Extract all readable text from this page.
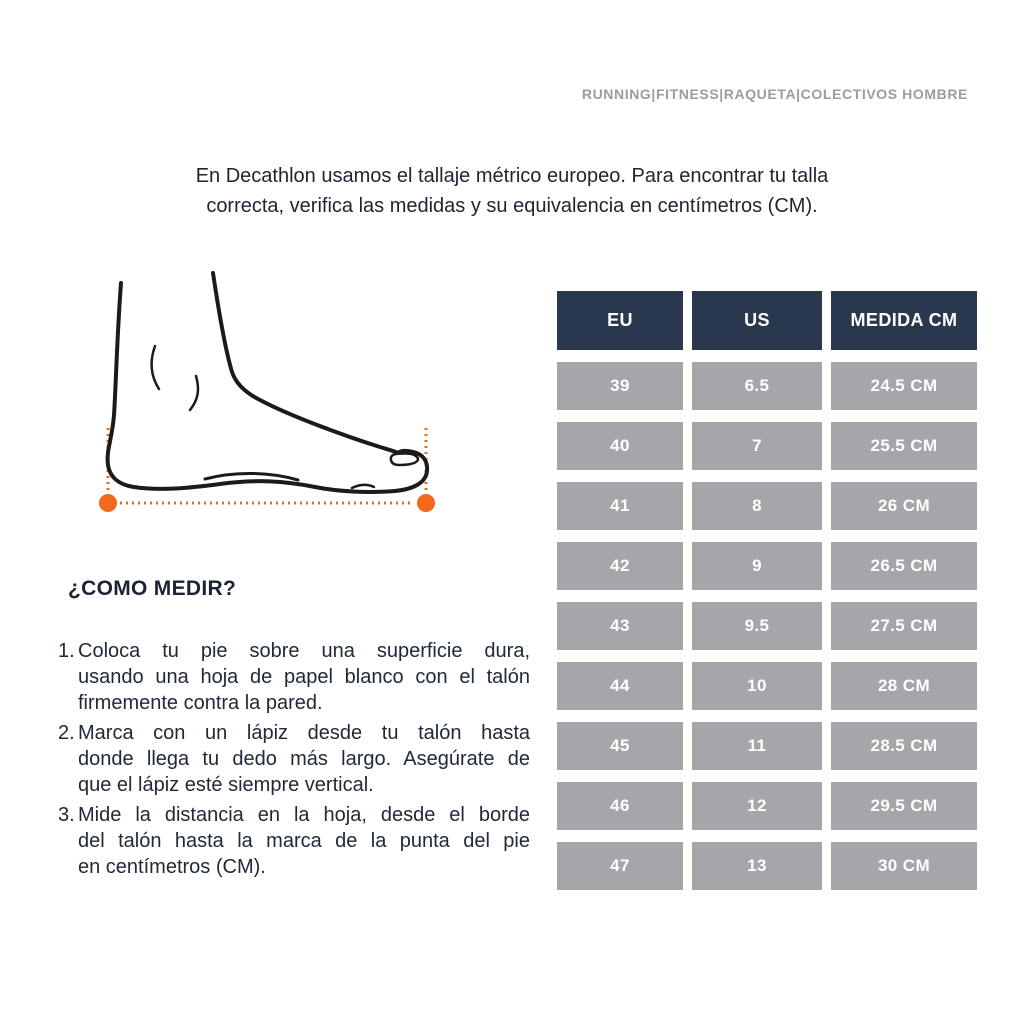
RUNNING|FITNESS|RAQUETA|COLECTIVOS HOMBRE
En Decathlon usamos el tallaje métrico europeo. Para encontrar tu talla
correcta, verifica las medidas y su equivalencia en centímetros (CM).
¿COMO MEDIR?
1. Coloca tu pie sobre una superficie dura,
usando una hoja de papel blanco con el talón
firmemente contra la pared.
2. Marca con un lápiz desde tu talón hasta
donde llega tu dedo más largo. Asegúrate de
que el lápiz esté siempre vertical.
3. Mide la distancia en la hoja, desde el borde
del talón hasta la marca de la punta del pie
en centímetros (CM).
EU	US	MEDIDA CM
39	6.5	24.5 CM
40	7	25.5 CM
41	8	26 CM
42	9	26.5 CM
43	9.5	27.5 CM
44	10	28 CM
45	11	28.5 CM
46	12	29.5 CM
47	13	30 CM
